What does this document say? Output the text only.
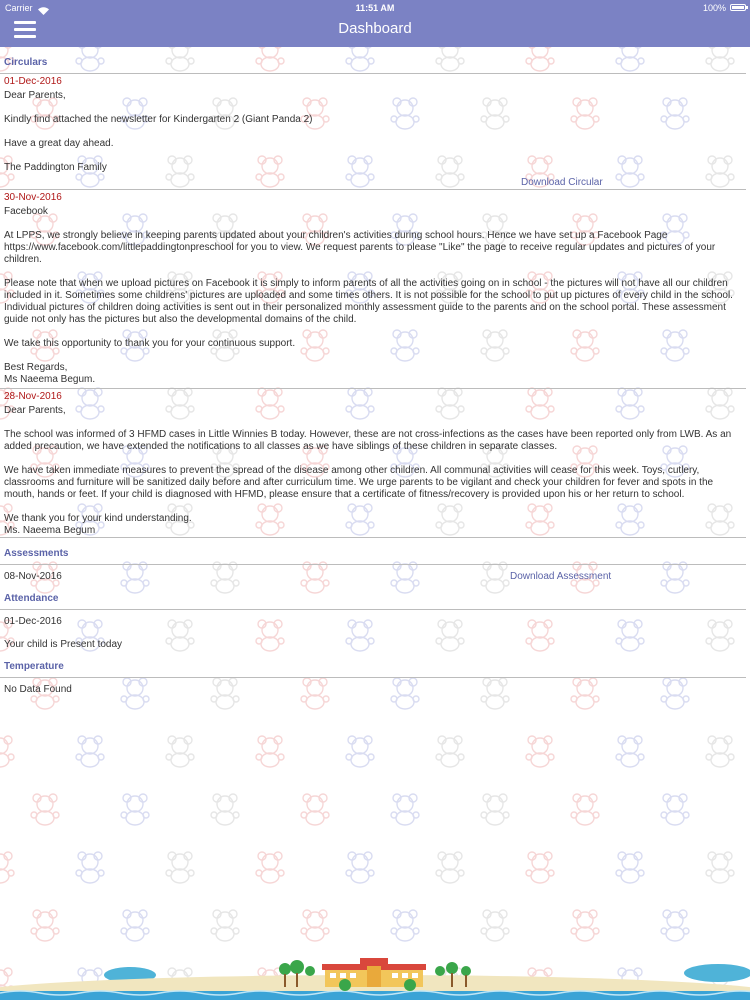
Carrier	11:51 AM	100%
Dashboard
Circulars
01-Dec-2016

Dear Parents,

Kindly find attached the newsletter for Kindergarten 2 (Giant Panda 2)

Have a great day ahead.

The Paddington Family

Download Circular
30-Nov-2016

Facebook

At LPPS, we strongly believe in keeping parents updated about your children's activities during school hours. Hence we have set up a Facebook Page https://www.facebook.com/littlepaddingtonpreschool for you to view. We request parents to please "Like" the page to receive regular updates and pictures of your children.

Please note that when we upload pictures on Facebook it is simply to inform parents of all the activities going on in school - the pictures will not have all our children included in it. Sometimes some childrens' pictures are uploaded and some times others. It is not possible for the school to put up pictures of every child in the school. Individual pictures of children doing activities is sent out in their personalized monthly assessment guide to the parents and on the school portal. These assessment guide not only has the pictures but also the developmental domains of the child.

We take this opportunity to thank you for your continuous support.

Best Regards,

Ms Naeema Begum.

28-Nov-2016

Dear Parents,

The school was informed of 3 HFMD cases in Little Winnies B today. However, these are not cross-infections as the cases have been reported only from LWB. As an added precaution, we have extended the notifications to all classes as we have siblings of these children in separate classes.

We have taken immediate measures to prevent the spread of the disease among other children. All communal activities will cease for this week. Toys, cutlery, classrooms and furniture will be sanitized daily before and after curriculum time. We urge parents to be vigilant and check your children for fever and spots in the mouth, hands or feet. If your child is diagnosed with HFMD, please ensure that a certificate of fitness/recovery is provided upon his or her return to school.

We thank you for your kind understanding.

Ms. Naeema Begum

Assessments
08-Nov-2016	Download Assessment
Attendance
01-Dec-2016
Your child is Present today
Temperature
No Data Found
